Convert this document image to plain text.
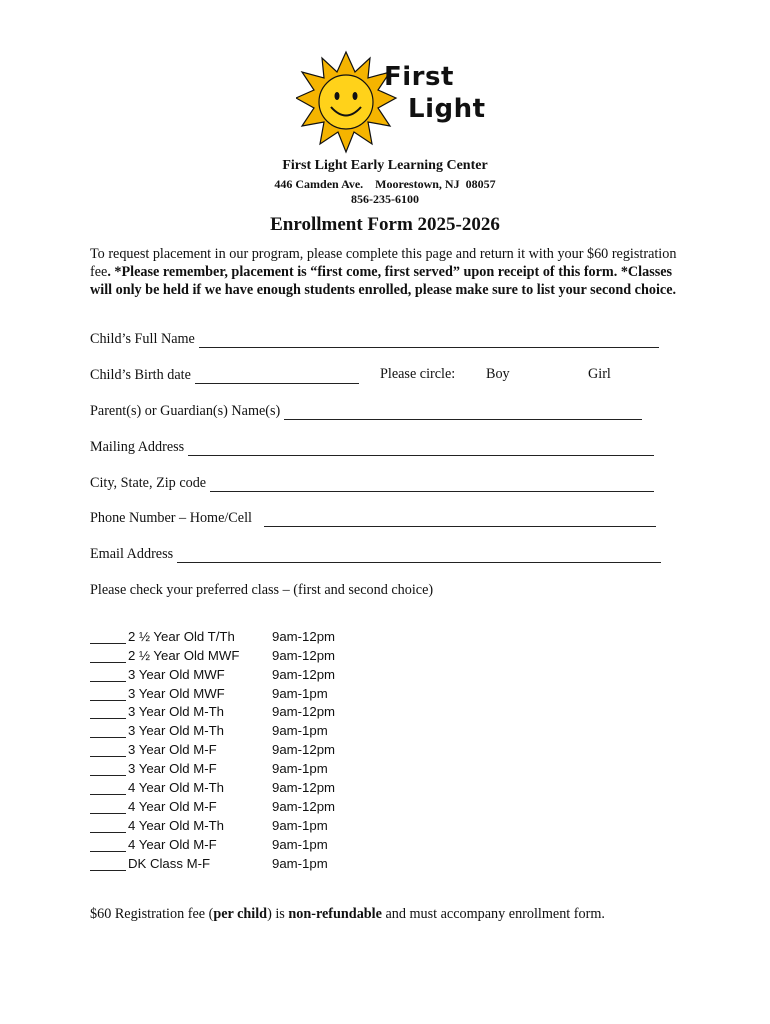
First
Light
First Light Early Learning Center
446 Camden Ave.    Moorestown, NJ  08057
856-235-6100
Enrollment Form 2025-2026
To request placement in our program, please complete this page and return it with your $60 registration fee. *Please remember, placement is “first come, first served” upon receipt of this form. *Classes will only be held if we have enough students enrolled, please make sure to list your second choice.
Child’s Full Name
Child’s Birth date	Please circle: Boy	Girl
Parent(s) or Guardian(s) Name(s)
Mailing Address
City, State, Zip code
Phone Number – Home/Cell
Email Address
Please check your preferred class – (first and second choice)
2 ½ Year Old T/Th	9am-12pm
2 ½ Year Old MWF	9am-12pm
3 Year Old MWF	9am-12pm
3 Year Old MWF	9am-1pm
3 Year Old M-Th	9am-12pm
3 Year Old M-Th	9am-1pm
3 Year Old M-F	9am-12pm
3 Year Old M-F	9am-1pm
4 Year Old M-Th	9am-12pm
4 Year Old M-F	9am-12pm
4 Year Old M-Th	9am-1pm
4 Year Old M-F	9am-1pm
DK Class M-F	9am-1pm
$60 Registration fee (per child) is non-refundable and must accompany enrollment form.
